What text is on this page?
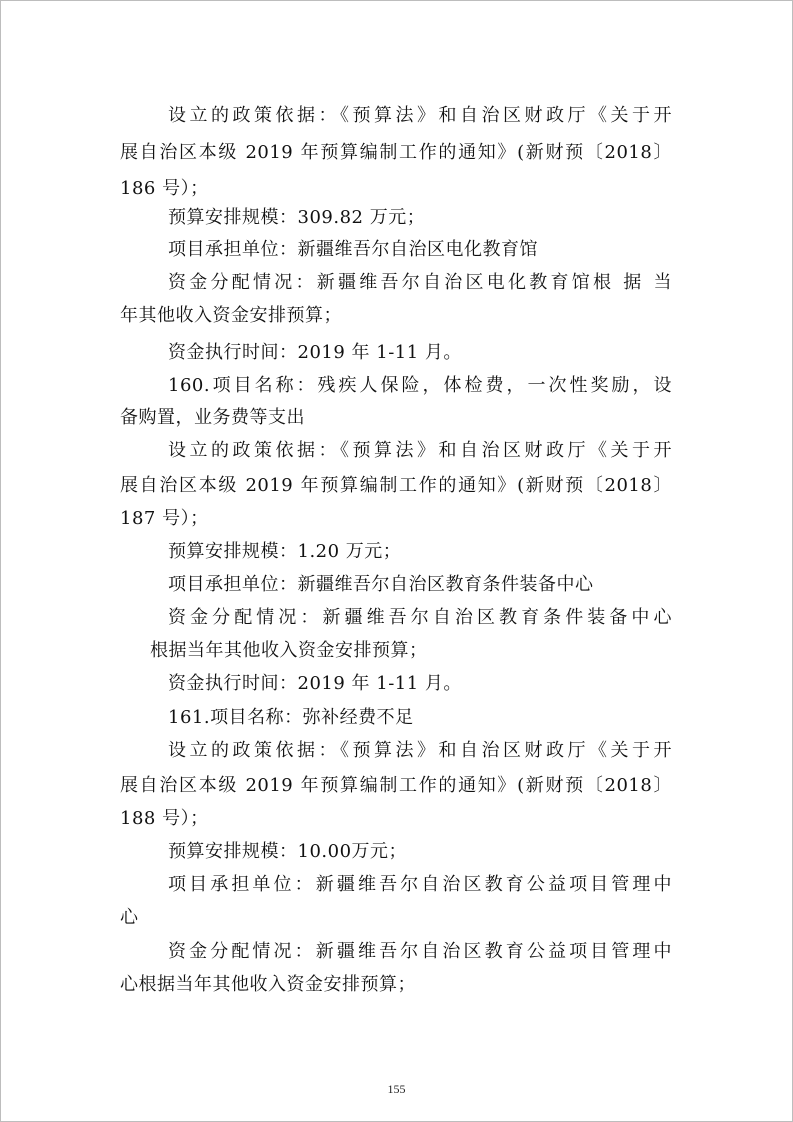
设立的政策依据：《预算法》和自治区财政厅《关于开
展自治区本级 2019 年预算编制工作的通知》(新财预〔2018〕
186 号）；
预算安排规模：309.82 万元；
项目承担单位：新疆维吾尔自治区电化教育馆
资金分配情况：新疆维吾尔自治区电化教育馆根 据 当
年其他收入资金安排预算；
资金执行时间：2019 年 1-11 月。
160.项目名称：残疾人保险，体检费，一次性奖励，设
备购置，业务费等支出
设立的政策依据：《预算法》和自治区财政厅《关于开
展自治区本级 2019 年预算编制工作的通知》(新财预〔2018〕
187 号）；
预算安排规模：1.20 万元；
项目承担单位：新疆维吾尔自治区教育条件装备中心
资金分配情况：新疆维吾尔自治区教育条件装备中心
根据当年其他收入资金安排预算；
资金执行时间：2019 年 1-11 月。
161.项目名称：弥补经费不足
设立的政策依据：《预算法》和自治区财政厅《关于开
展自治区本级 2019 年预算编制工作的通知》(新财预〔2018〕
188 号）；
预算安排规模：10.00万元；
项目承担单位：新疆维吾尔自治区教育公益项目管理中
心
资金分配情况：新疆维吾尔自治区教育公益项目管理中
心根据当年其他收入资金安排预算；
155
